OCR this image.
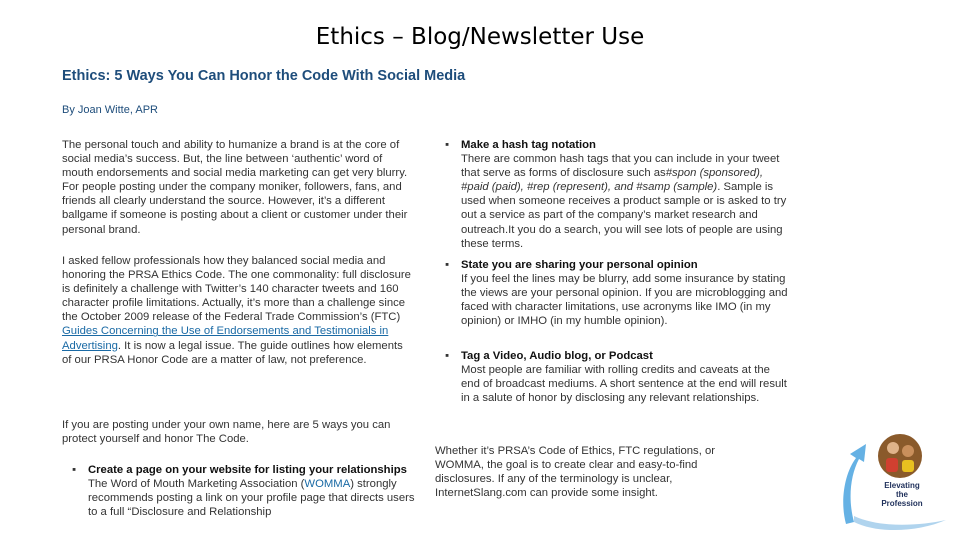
Ethics – Blog/Newsletter Use
Ethics: 5 Ways You Can Honor the Code With Social Media
By Joan Witte, APR

The personal touch and ability to humanize a brand is at the core of social media’s success. But, the line between ‘authentic’ word of mouth endorsements and social media marketing can get very blurry. For people posting under the company moniker, followers, fans, and friends all clearly understand the source. However, it’s a different ballgame if someone is posting about a client or customer under their personal brand.

I asked fellow professionals how they balanced social media and honoring the PRSA Ethics Code. The one commonality: full disclosure is definitely a challenge with Twitter’s 140 character tweets and 160 character profile limitations. Actually, it’s more than a challenge since the October 2009 release of the Federal Trade Commission’s (FTC) Guides Concerning the Use of Endorsements and Testimonials in Advertising. It is now a legal issue. The guide outlines how elements of our PRSA Honor Code are a matter of law, not preference.

If you are posting under your own name, here are 5 ways you can protect yourself and honor The Code.

▪ Create a page on your website for listing your relationships
The Word of Mouth Marketing Association (WOMMA) strongly recommends posting a link on your profile page that directs users to a full “Disclosure and Relationship
▪ Make a hash tag notation
There are common hash tags that you can include in your tweet that serve as forms of disclosure such as#spon (sponsored), #paid (paid), #rep (represent), and #samp (sample). Sample is used when someone receives a product sample or is asked to try out a service as part of the company’s market research and outreach.It you do a search, you will see lots of people are using these terms.
▪ State you are sharing your personal opinion
If you feel the lines may be blurry, add some insurance by stating the views are your personal opinion. If you are microblogging and faced with character limitations, use acronyms like IMO (in my opinion) or IMHO (in my humble opinion).
▪ Tag a Video, Audio blog, or Podcast
Most people are familiar with rolling credits and caveats at the end of broadcast mediums. A short sentence at the end will result in a salute of honor by disclosing any relevant relationships.

Whether it’s PRSA’s Code of Ethics, FTC regulations, or WOMMA, the goal is to create clear and easy-to-find disclosures. If any of the terminology is unclear, InternetSlang.com can provide some insight.

Elevating
the
Profession
